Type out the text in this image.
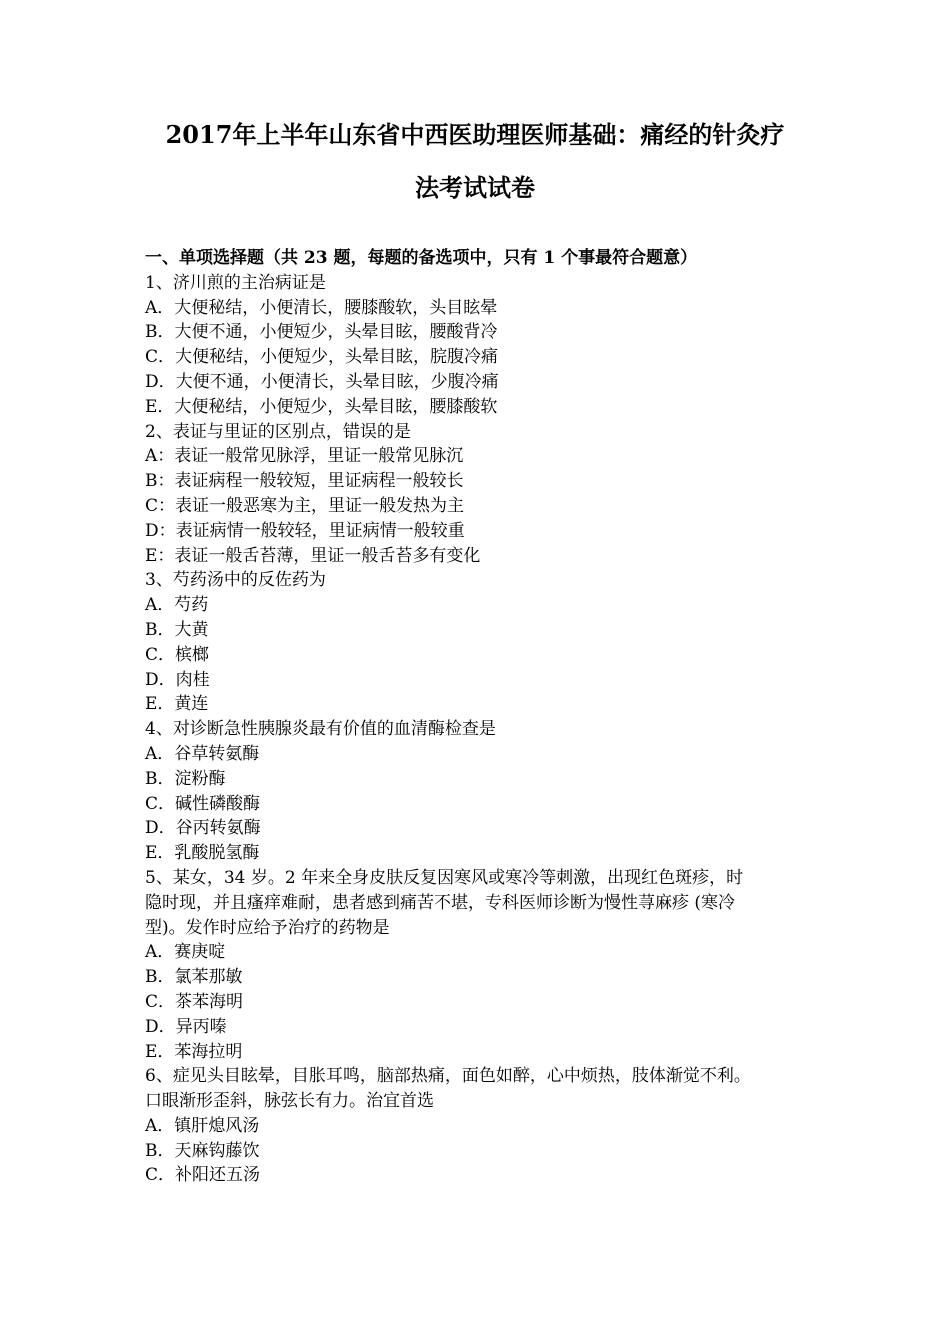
2017年上半年山东省中西医助理医师基础：痛经的针灸疗
法考试试卷

一、单项选择题（共 23 题，每题的备选项中，只有 1 个事最符合题意）

1、济川煎的主治病证是

A．大便秘结，小便清长，腰膝酸软，头目眩晕

B．大便不通，小便短少，头晕目眩，腰酸背冷

C．大便秘结，小便短少，头晕目眩，脘腹冷痛

D．大便不通，小便清长，头晕目眩，少腹冷痛

E．大便秘结，小便短少，头晕目眩，腰膝酸软

2、表证与里证的区别点，错误的是

A：表证一般常见脉浮，里证一般常见脉沉

B：表证病程一般较短，里证病程一般较长

C：表证一般恶寒为主，里证一般发热为主

D：表证病情一般较轻，里证病情一般较重

E：表证一般舌苔薄，里证一般舌苔多有变化

3、芍药汤中的反佐药为

A．芍药

B．大黄

C．槟榔

D．肉桂

E．黄连

4、对诊断急性胰腺炎最有价值的血清酶检查是

A．谷草转氨酶

B．淀粉酶

C．碱性磷酸酶

D．谷丙转氨酶

E．乳酸脱氢酶

5、某女，34 岁。2 年来全身皮肤反复因寒风或寒冷等刺激，出现红色斑疹，时

隐时现，并且瘙痒难耐，患者感到痛苦不堪，专科医师诊断为慢性荨麻疹 (寒冷

型)。发作时应给予治疗的药物是

A．赛庚啶

B．氯苯那敏

C．茶苯海明

D．异丙嗪

E．苯海拉明

6、症见头目眩晕，目胀耳鸣，脑部热痛，面色如醉，心中烦热，肢体渐觉不利。

口眼渐形歪斜，脉弦长有力。治宜首选

A．镇肝熄风汤

B．天麻钩藤饮

C．补阳还五汤
